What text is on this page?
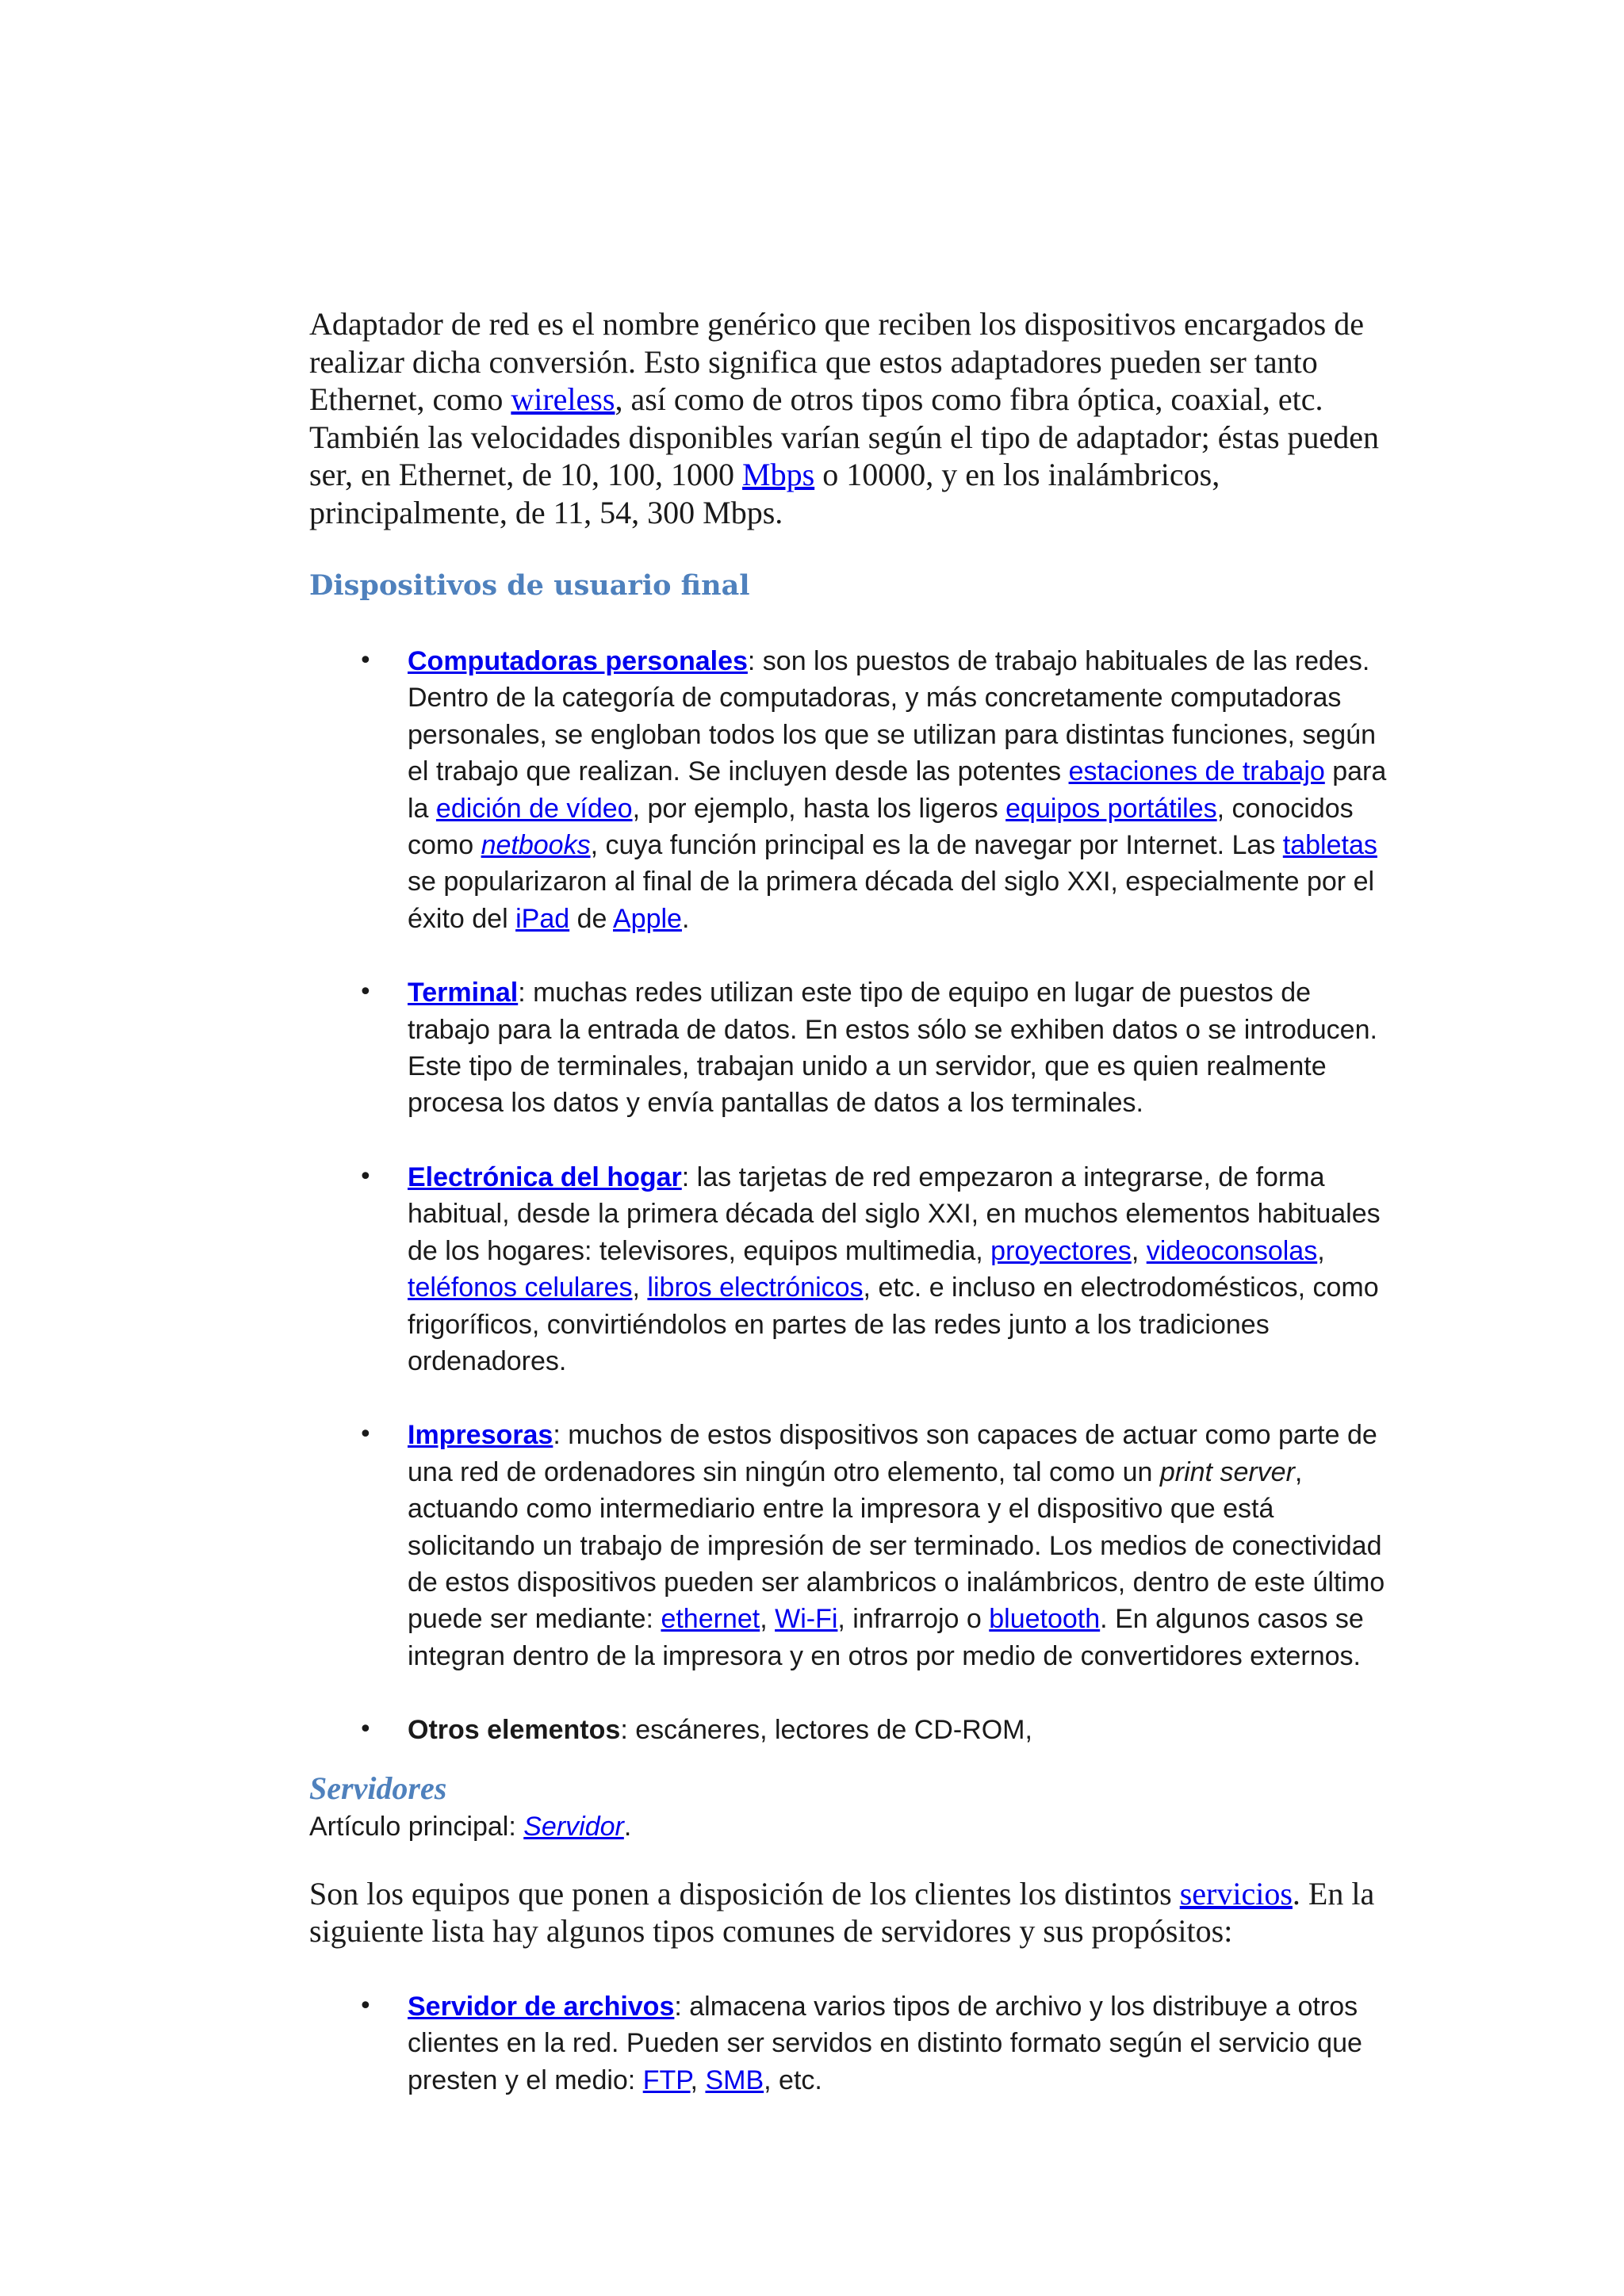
Adaptador de red es el nombre genérico que reciben los dispositivos encargados de realizar dicha conversión. Esto significa que estos adaptadores pueden ser tanto Ethernet, como wireless, así como de otros tipos como fibra óptica, coaxial, etc. También las velocidades disponibles varían según el tipo de adaptador; éstas pueden ser, en Ethernet, de 10, 100, 1000 Mbps o 10000, y en los inalámbricos, principalmente, de 11, 54, 300 Mbps.

Dispositivos de usuario final
• Computadoras personales: son los puestos de trabajo habituales de las redes. Dentro de la categoría de computadoras, y más concretamente computadoras personales, se engloban todos los que se utilizan para distintas funciones, según el trabajo que realizan. Se incluyen desde las potentes estaciones de trabajo para la edición de vídeo, por ejemplo, hasta los ligeros equipos portátiles, conocidos como netbooks, cuya función principal es la de navegar por Internet. Las tabletas se popularizaron al final de la primera década del siglo XXI, especialmente por el éxito del iPad de Apple.
• Terminal: muchas redes utilizan este tipo de equipo en lugar de puestos de trabajo para la entrada de datos. En estos sólo se exhiben datos o se introducen. Este tipo de terminales, trabajan unido a un servidor, que es quien realmente procesa los datos y envía pantallas de datos a los terminales.
• Electrónica del hogar: las tarjetas de red empezaron a integrarse, de forma habitual, desde la primera década del siglo XXI, en muchos elementos habituales de los hogares: televisores, equipos multimedia, proyectores, videoconsolas, teléfonos celulares, libros electrónicos, etc. e incluso en electrodomésticos, como frigoríficos, convirtiéndolos en partes de las redes junto a los tradiciones ordenadores.
• Impresoras: muchos de estos dispositivos son capaces de actuar como parte de una red de ordenadores sin ningún otro elemento, tal como un print server, actuando como intermediario entre la impresora y el dispositivo que está solicitando un trabajo de impresión de ser terminado. Los medios de conectividad de estos dispositivos pueden ser alambricos o inalámbricos, dentro de este último puede ser mediante: ethernet, Wi-Fi, infrarrojo o bluetooth. En algunos casos se integran dentro de la impresora y en otros por medio de convertidores externos.
• Otros elementos: escáneres, lectores de CD-ROM,
Servidores
Artículo principal: Servidor.

Son los equipos que ponen a disposición de los clientes los distintos servicios. En la siguiente lista hay algunos tipos comunes de servidores y sus propósitos:

• Servidor de archivos: almacena varios tipos de archivo y los distribuye a otros clientes en la red. Pueden ser servidos en distinto formato según el servicio que presten y el medio: FTP, SMB, etc.
